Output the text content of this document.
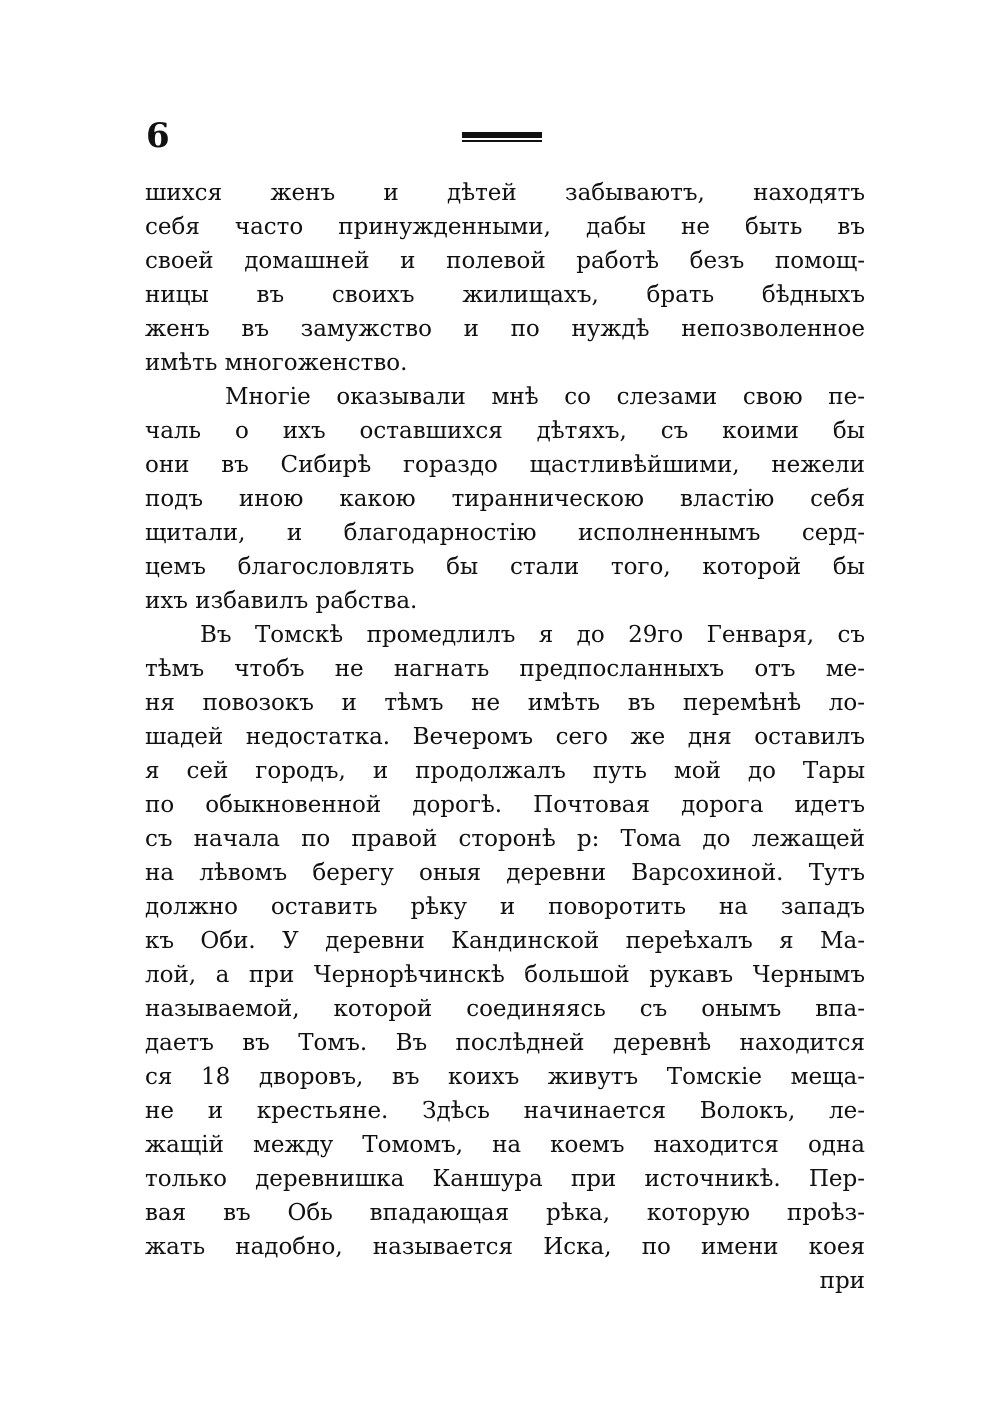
6
шихся женъ и дѣтей забываютъ, находятъ
себя часто принужденными, дабы не быть въ
своей домашней и полевой работѣ безъ помощ-
ницы въ своихъ жилищахъ, брать бѣдныхъ
женъ въ замужство и по нуждѣ непозволенное
имѣть многоженство.
Многіе оказывали мнѣ со слезами свою пе-
чаль о ихъ оставшихся дѣтяхъ, съ коими бы
они въ Сибирѣ гораздо щастливѣйшими, нежели
подъ иною какою тиранническою властію себя
щитали, и благодарностію исполненнымъ серд-
цемъ благословлять бы стали того, которой бы
ихъ избавилъ рабства.
Въ Томскѣ промедлилъ я до 29го Генваря, съ
тѣмъ чтобъ не нагнать предпосланныхъ отъ ме-
ня повозокъ и тѣмъ не имѣть въ перемѣнѣ ло-
шадей недостатка. Вечеромъ сего же дня оставилъ
я сей городъ, и продолжалъ путь мой до Тары
по обыкновенной дорогѣ. Почтовая дорога идетъ
съ начала по правой сторонѣ р: Тома до лежащей
на лѣвомъ берегу оныя деревни Варсохиной. Тутъ
должно оставить рѣку и поворотить на западъ
къ Оби. У деревни Кандинской переѣхалъ я Ма-
лой, а при Чернорѣчинскѣ большой рукавъ Чернымъ
называемой, которой соединяясь съ онымъ впа-
даетъ въ Томъ. Въ послѣдней деревнѣ находится
ся 18 дворовъ, въ коихъ живутъ Томскіе меща-
не и крестьяне. Здѣсь начинается Волокъ, ле-
жащій между Томомъ, на коемъ находится одна
только деревнишка Каншура при источникѣ. Пер-
вая въ Обь впадающая рѣка, которую проѣз-
жать надобно, называется Иска, по имени коея
при
